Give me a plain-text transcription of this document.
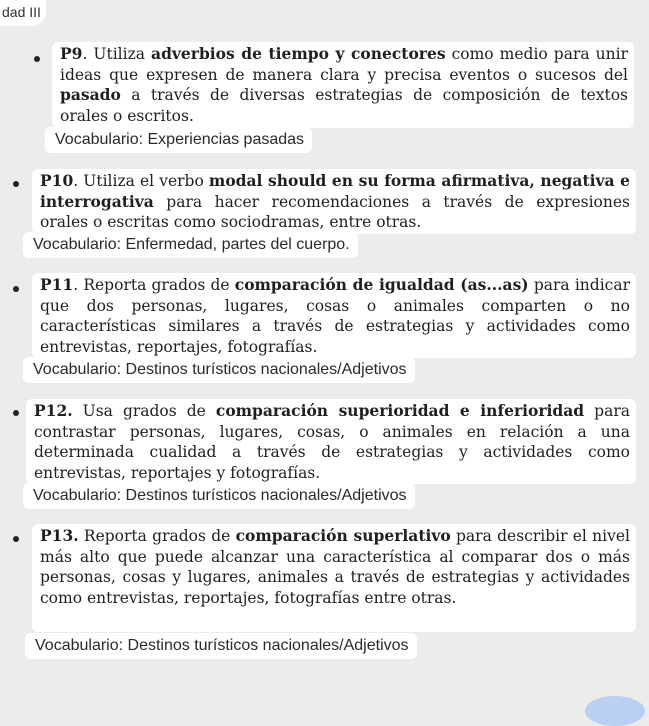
dad III
P9. Utiliza adverbios de tiempo y conectores como medio para unir ideas que expresen de manera clara y precisa eventos o sucesos del pasado a través de diversas estrategias de composición de textos orales o escritos.
Vocabulario: Experiencias pasadas
P10. Utiliza el verbo modal should en su forma afirmativa, negativa e interrogativa para hacer recomendaciones a través de expresiones orales o escritas como sociodramas, entre otras.
Vocabulario: Enfermedad, partes del cuerpo.
P11. Reporta grados de comparación de igualdad (as...as) para indicar que dos personas, lugares, cosas o animales comparten o no características similares a través de estrategias y actividades como entrevistas, reportajes, fotografías.
Vocabulario: Destinos turísticos nacionales/Adjetivos
P12. Usa grados de comparación superioridad e inferioridad para contrastar personas, lugares, cosas, o animales en relación a una determinada cualidad a través de estrategias y actividades como entrevistas, reportajes y fotografías.
Vocabulario: Destinos turísticos nacionales/Adjetivos
P13. Reporta grados de comparación superlativo para describir el nivel más alto que puede alcanzar una característica al comparar dos o más personas, cosas y lugares, animales a través de estrategias y actividades como entrevistas, reportajes, fotografías entre otras.
Vocabulario: Destinos turísticos nacionales/Adjetivos
